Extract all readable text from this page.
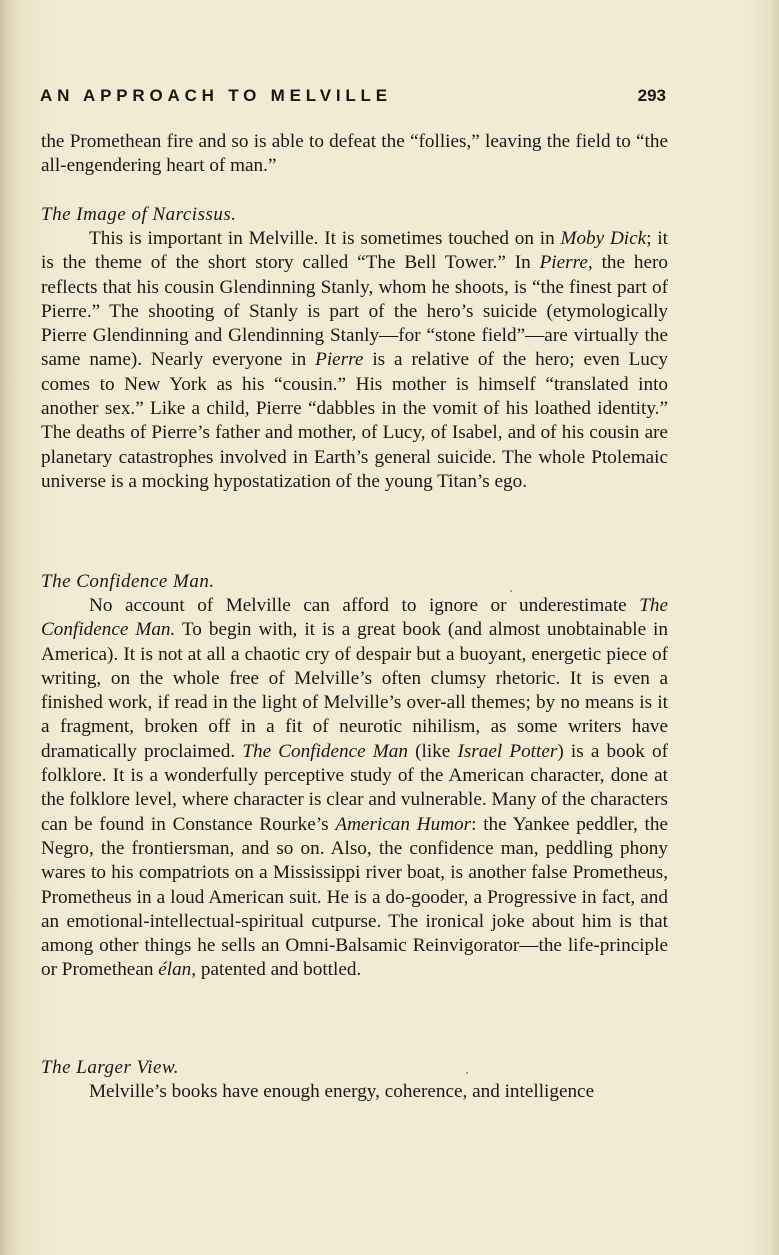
AN APPROACH TO MELVILLE	293

the Promethean fire and so is able to defeat the “follies,” leaving the field to “the all-engendering heart of man.”

The Image of Narcissus.

This is important in Melville. It is sometimes touched on in Moby Dick; it is the theme of the short story called “The Bell Tower.” In Pierre, the hero reflects that his cousin Glendinning Stanly, whom he shoots, is “the finest part of Pierre.” The shooting of Stanly is part of the hero’s suicide (etymologically Pierre Glendinning and Glendinning Stanly—for “stone field”—are virtually the same name). Nearly everyone in Pierre is a relative of the hero; even Lucy comes to New York as his “cousin.” His mother is himself “translated into another sex.” Like a child, Pierre “dabbles in the vomit of his loathed identity.” The deaths of Pierre’s father and mother, of Lucy, of Isabel, and of his cousin are planetary catastrophes involved in Earth’s general suicide. The whole Ptolemaic universe is a mocking hypostatization of the young Titan’s ego.

The Confidence Man.

No account of Melville can afford to ignore or underestimate The Confidence Man. To begin with, it is a great book (and almost unobtainable in America). It is not at all a chaotic cry of despair but a buoyant, energetic piece of writing, on the whole free of Melville’s often clumsy rhetoric. It is even a finished work, if read in the light of Melville’s over-all themes; by no means is it a fragment, broken off in a fit of neurotic nihilism, as some writers have dramatically proclaimed. The Confidence Man (like Israel Potter) is a book of folklore. It is a wonderfully perceptive study of the American character, done at the folklore level, where character is clear and vulnerable. Many of the characters can be found in Constance Rourke’s American Humor: the Yankee peddler, the Negro, the frontiersman, and so on. Also, the confidence man, peddling phony wares to his compatriots on a Mississippi river boat, is another false Prometheus, Prometheus in a loud American suit. He is a do-gooder, a Progressive in fact, and an emotional-intellectual-spiritual cutpurse. The ironical joke about him is that among other things he sells an Omni-Balsamic Reinvigorator—the life-principle or Promethean élan, patented and bottled.

The Larger View.

Melville’s books have enough energy, coherence, and intelligence
